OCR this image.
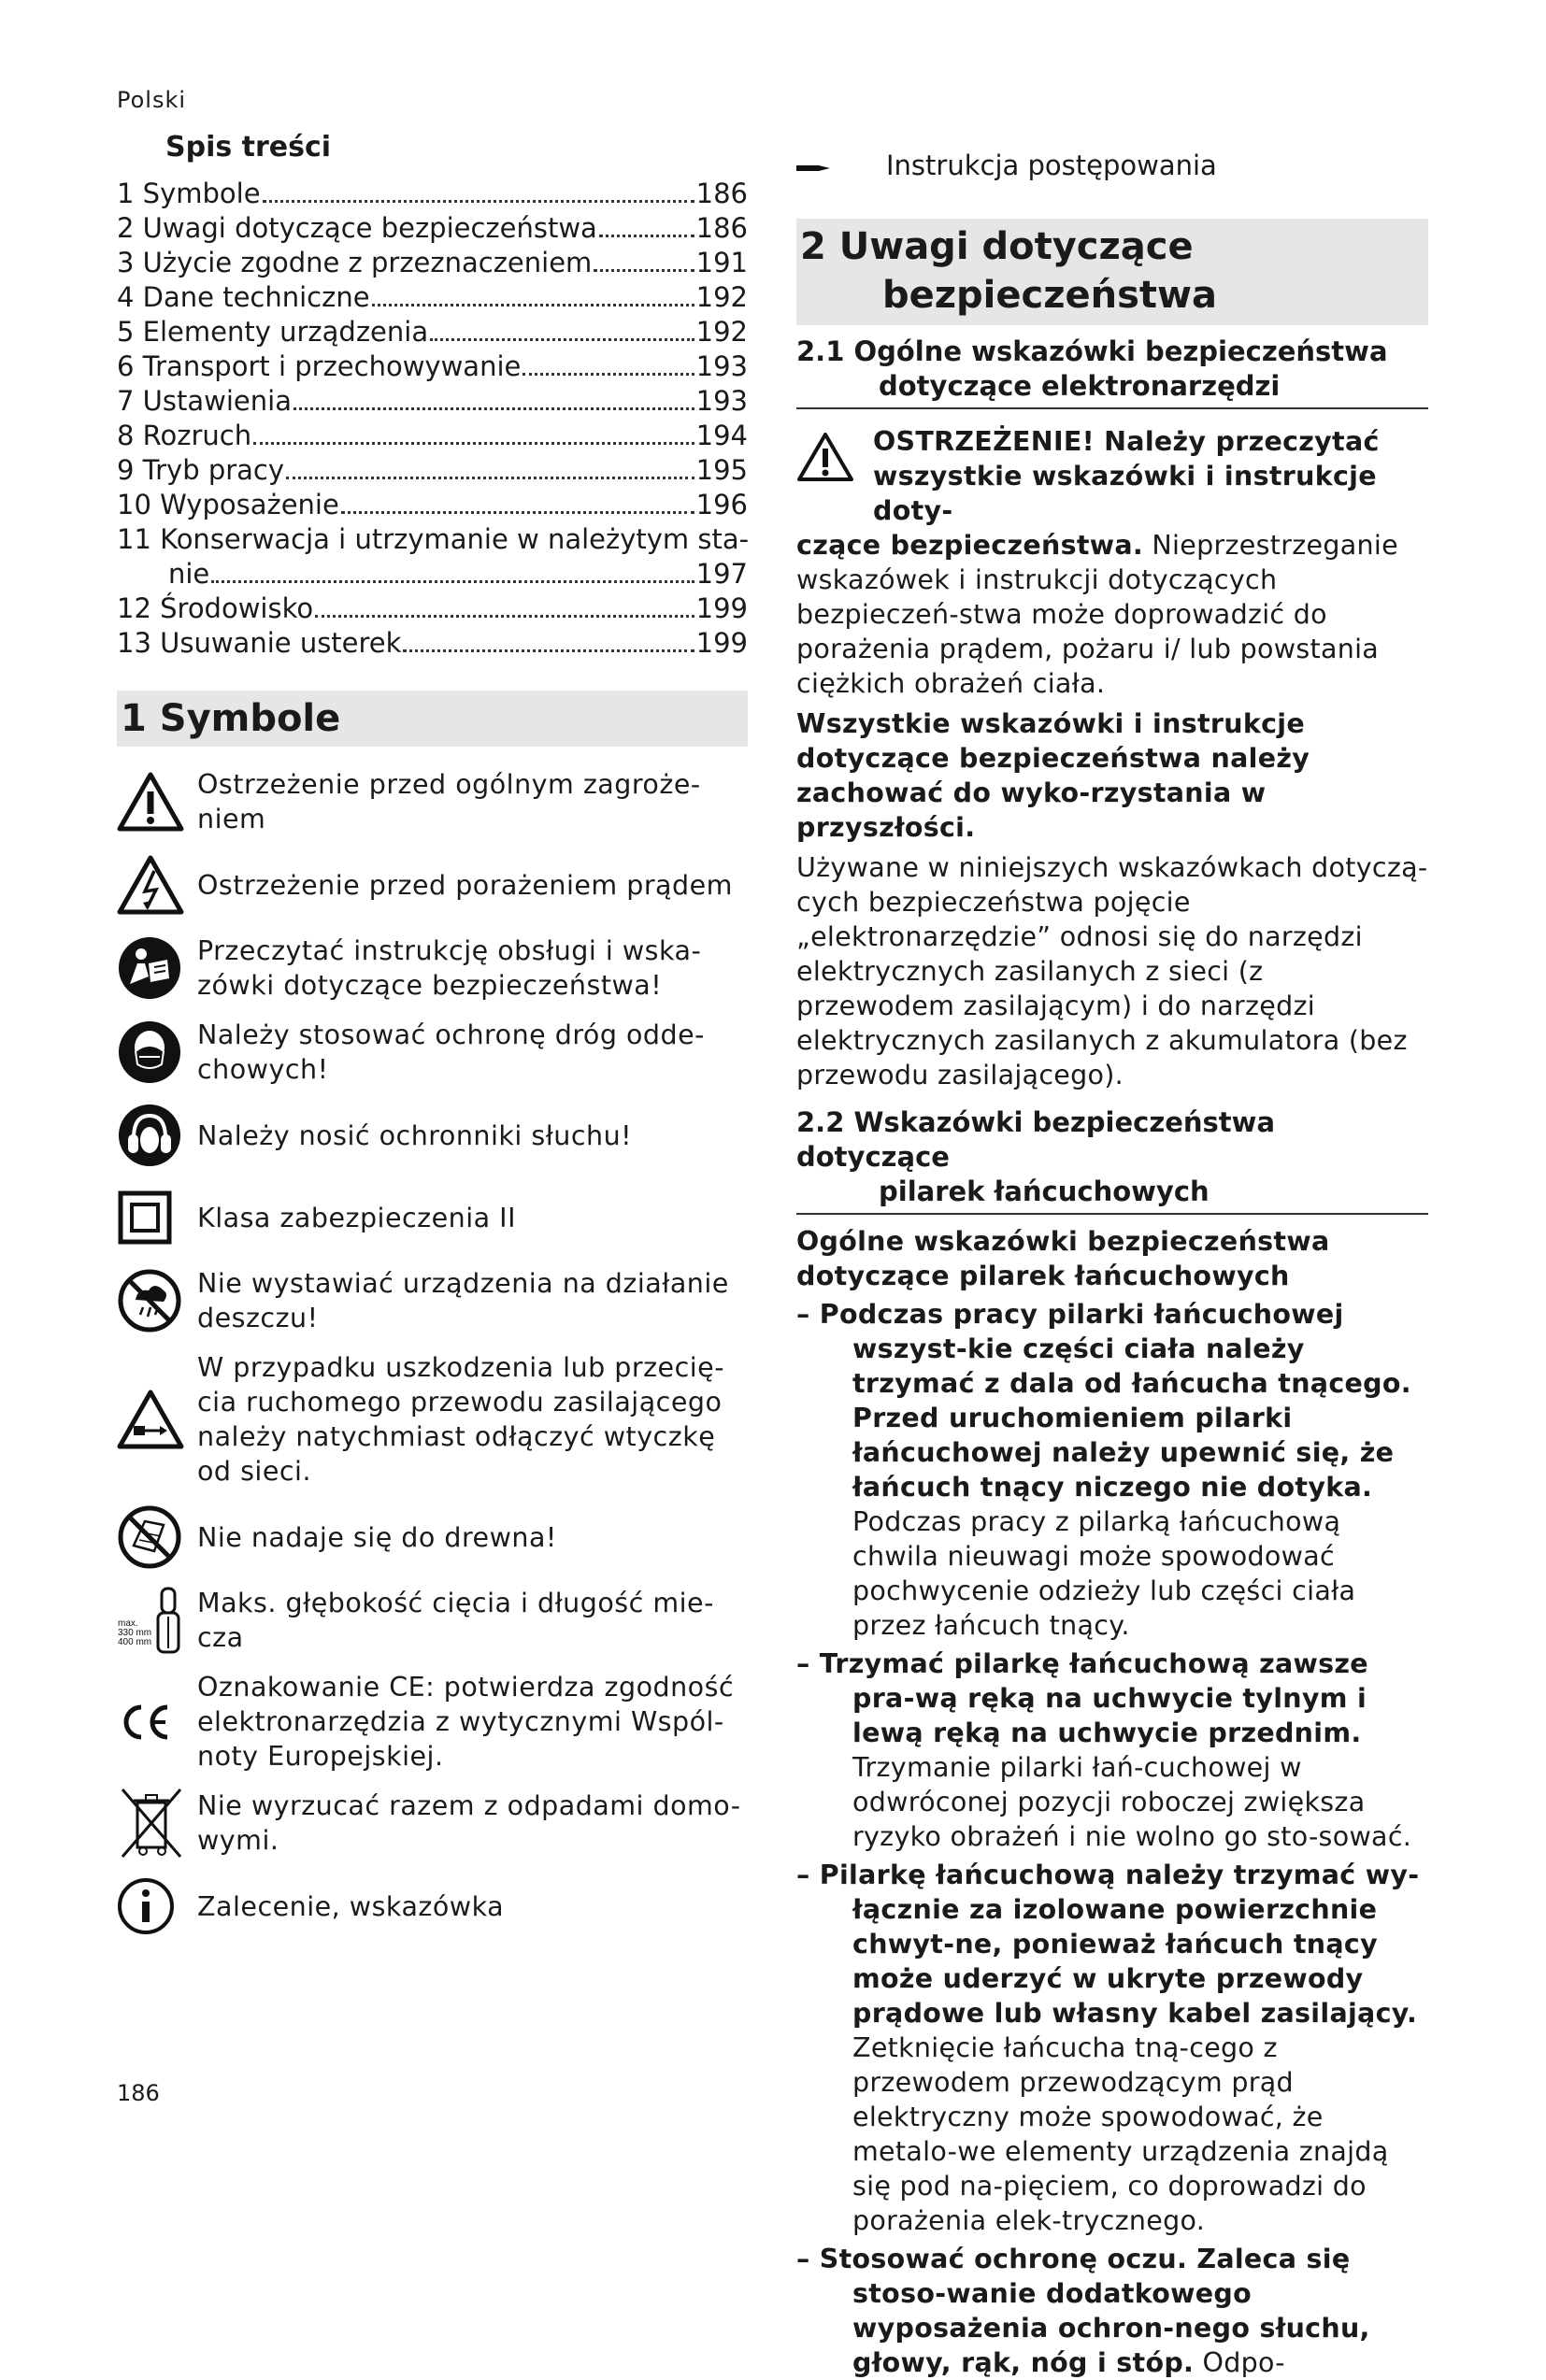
Polski
Spis treści
1 Symbole	186
2 Uwagi dotyczące bezpieczeństwa	186
3 Użycie zgodne z przeznaczeniem	191
4 Dane techniczne	192
5 Elementy urządzenia	192
6 Transport i przechowywanie	193
7 Ustawienia	193
8 Rozruch	194
9 Tryb pracy	195
10 Wyposażenie	196
11 Konserwacja i utrzymanie w należytym sta-
nie	197
12 Środowisko	199
13 Usuwanie usterek	199
1 Symbole
Ostrzeżenie przed ogólnym zagroże-niem
Ostrzeżenie przed porażeniem prądem
Przeczytać instrukcję obsługi i wska-zówki dotyczące bezpieczeństwa!
Należy stosować ochronę dróg odde-chowych!
Należy nosić ochronniki słuchu!
Klasa zabezpieczenia II
Nie wystawiać urządzenia na działanie deszczu!
W przypadku uszkodzenia lub przecię-cia ruchomego przewodu zasilającego należy natychmiast odłączyć wtyczkę od sieci.
Nie nadaje się do drewna!
max.
330 mm
400 mm
Maks. głębokość cięcia i długość mie-cza
Oznakowanie CE: potwierdza zgodność elektronarzędzia z wytycznymi Wspól-noty Europejskiej.
Nie wyrzucać razem z odpadami domo-wymi.
Zalecenie, wskazówka
Instrukcja postępowania
2 Uwagi dotyczące
bezpieczeństwa
2.1 Ogólne wskazówki bezpieczeństwa
dotyczące elektronarzędzi
OSTRZEŻENIE! Należy przeczytać
wszystkie wskazówki i instrukcje doty-
czące bezpieczeństwa. Nieprzestrzeganie wskazówek i instrukcji dotyczących bezpieczeń-stwa może doprowadzić do porażenia prądem, pożaru i/ lub powstania ciężkich obrażeń ciała.
Wszystkie wskazówki i instrukcje dotyczące bezpieczeństwa należy zachować do wyko-rzystania w przyszłości.
Używane w niniejszych wskazówkach dotyczą-cych bezpieczeństwa pojęcie „elektronarzędzie” odnosi się do narzędzi elektrycznych zasilanych z sieci (z przewodem zasilającym) i do narzędzi elektrycznych zasilanych z akumulatora (bez przewodu zasilającego).
2.2 Wskazówki bezpieczeństwa dotyczące
pilarek łańcuchowych
Ogólne wskazówki bezpieczeństwa dotyczące pilarek łańcuchowych
– Podczas pracy pilarki łańcuchowej wszyst-kie części ciała należy trzymać z dala od łańcucha tnącego. Przed uruchomieniem pilarki łańcuchowej należy upewnić się, że łańcuch tnący niczego nie dotyka. Podczas pracy z pilarką łańcuchową chwila nieuwagi może spowodować pochwycenie odzieży lub części ciała przez łańcuch tnący.
– Trzymać pilarkę łańcuchową zawsze pra-wą ręką na uchwycie tylnym i lewą ręką na uchwycie przednim. Trzymanie pilarki łań-cuchowej w odwróconej pozycji roboczej zwiększa ryzyko obrażeń i nie wolno go sto-sować.
– Pilarkę łańcuchową należy trzymać wy-łącznie za izolowane powierzchnie chwyt-ne, ponieważ łańcuch tnący może uderzyć w ukryte przewody prądowe lub własny kabel zasilający. Zetknięcie łańcucha tną-cego z przewodem przewodzącym prąd elektryczny może spowodować, że metalo-we elementy urządzenia znajdą się pod na-pięciem, co doprowadzi do porażenia elek-trycznego.
– Stosować ochronę oczu. Zaleca się stoso-wanie dodatkowego wyposażenia ochron-nego słuchu, głowy, rąk, nóg i stóp. Odpo-
186
